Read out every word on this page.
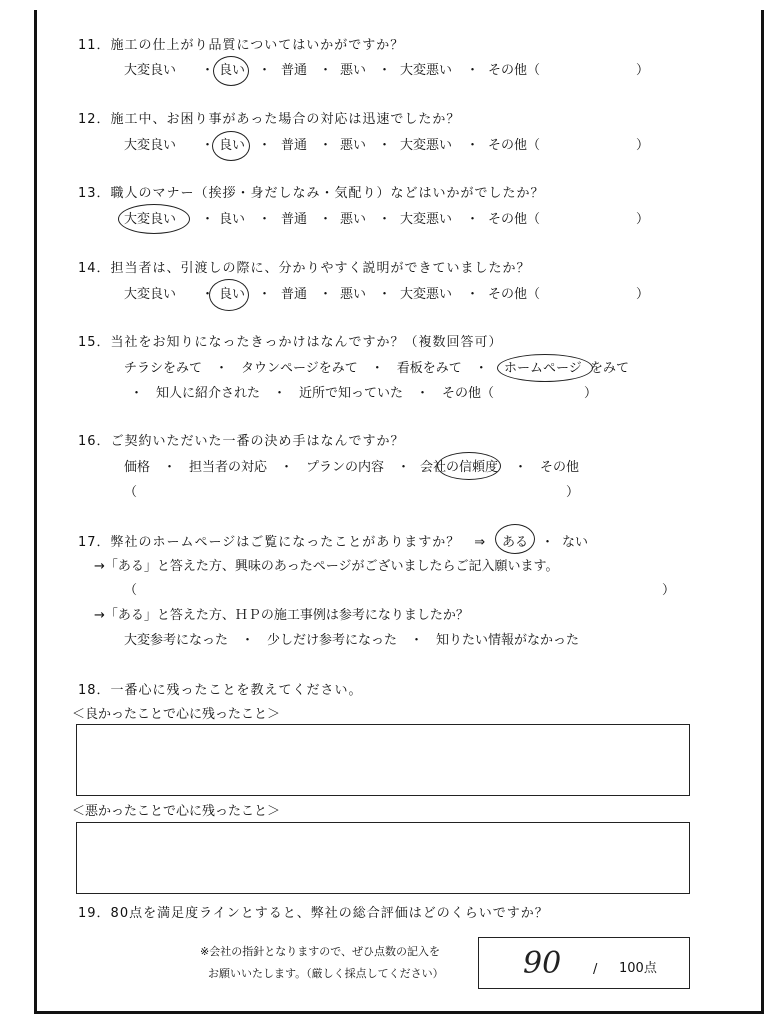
11．施工の仕上がり品質についてはいかがですか？
大変良い ・ 良い ・ 普通 ・ 悪い ・ 大変悪い ・ その他（	）
12．施工中、お困り事があった場合の対応は迅速でしたか？
大変良い ・ 良い ・ 普通 ・ 悪い ・ 大変悪い ・ その他（	）
13．職人のマナー（挨拶・身だしなみ・気配り）などはいかがでしたか？
大変良い ・ 良い ・ 普通 ・ 悪い ・ 大変悪い ・ その他（	）
14．担当者は、引渡しの際に、分かりやすく説明ができていましたか？
大変良い ・ 良い ・ 普通 ・ 悪い ・ 大変悪い ・ その他（	）
15．当社をお知りになったきっかけはなんですか？（複数回答可）
チラシをみて　・　タウンページをみて　・　看板をみて　・ ホームページ をみて
・　知人に紹介された　・　近所で知っていた　・　その他（	）
16．ご契約いただいた一番の決め手はなんですか？
価格　・　担当者の対応　・　プランの内容　・ 会社の信頼度 ・　その他
（	）
17．弊社のホームページはご覧になったことがありますか？　⇒ ある ・ ない
→「ある」と答えた方、興味のあったページがございましたらご記入願います。
（	）
→「ある」と答えた方、ＨＰの施工事例は参考になりましたか？
大変参考になった　・　少しだけ参考になった　・　知りたい情報がなかった
18．一番心に残ったことを教えてください。
＜良かったことで心に残ったこと＞
＜悪かったことで心に残ったこと＞
19．80点を満足度ラインとすると、弊社の総合評価はどのくらいですか？
※会社の指針となりますので、ぜひ点数の記入を
お願いいたします。（厳しく採点してください）	90 / 100点
